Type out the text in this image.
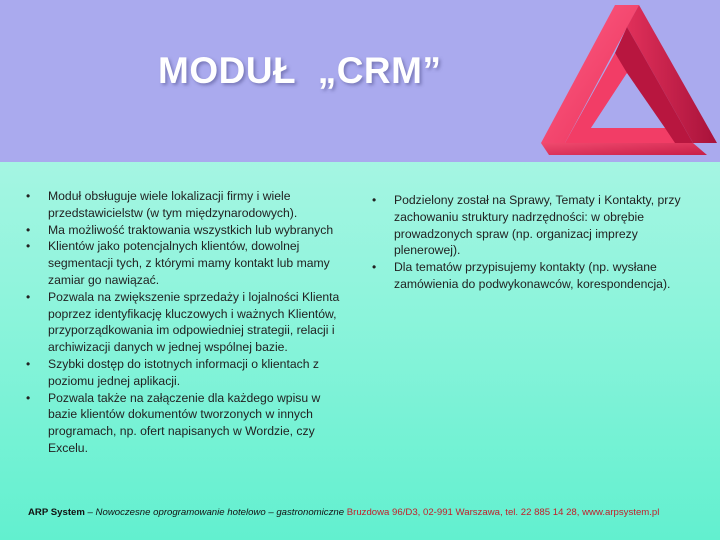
MODUŁ  „CRM”
• Moduł obsługuje wiele lokalizacji firmy i wiele przedstawicielstw (w tym międzynarodowych).
• Ma możliwość traktowania wszystkich lub wybranych
• Klientów jako potencjalnych klientów, dowolnej segmentacji tych, z którymi mamy kontakt lub mamy zamiar go nawiązać.
• Pozwala na zwiększenie sprzedaży i lojalności Klienta poprzez identyfikację kluczowych i ważnych Klientów, przyporządkowania im odpowiedniej strategii, relacji i archiwizacji danych w jednej wspólnej bazie.
• Szybki dostęp do istotnych informacji o klientach z poziomu jednej aplikacji.
• Pozwala także na załączenie dla każdego wpisu w bazie klientów dokumentów tworzonych w innych programach, np. ofert napisanych w Wordzie, czy Excelu.
• Podzielony został na Sprawy, Tematy i Kontakty, przy zachowaniu struktury nadrzędności: w obrębie prowadzonych spraw (np. organizacj imprezy plenerowej).
• Dla tematów przypisujemy kontakty (np. wysłane zamówienia do podwykonawców, korespondencja).
ARP System – Nowoczesne oprogramowanie hotelowo – gastronomiczne Bruzdowa 96/D3, 02-991 Warszawa, tel. 22 885 14 28, www.arpsystem.pl
